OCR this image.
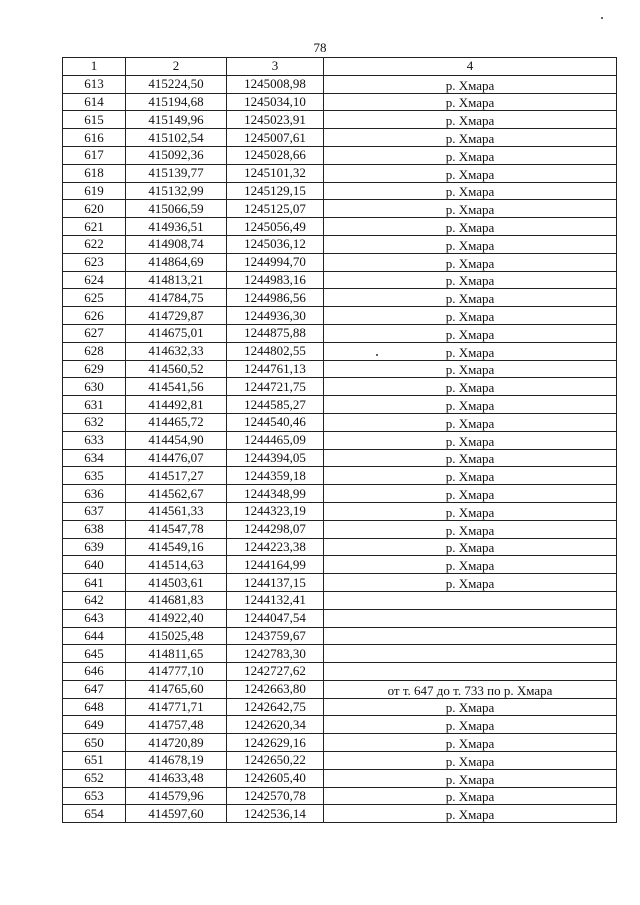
78
1	2	3	4
613	415224,50	1245008,98	р. Хмара
614	415194,68	1245034,10	р. Хмара
615	415149,96	1245023,91	р. Хмара
616	415102,54	1245007,61	р. Хмара
617	415092,36	1245028,66	р. Хмара
618	415139,77	1245101,32	р. Хмара
619	415132,99	1245129,15	р. Хмара
620	415066,59	1245125,07	р. Хмара
621	414936,51	1245056,49	р. Хмара
622	414908,74	1245036,12	р. Хмара
623	414864,69	1244994,70	р. Хмара
624	414813,21	1244983,16	р. Хмара
625	414784,75	1244986,56	р. Хмара
626	414729,87	1244936,30	р. Хмара
627	414675,01	1244875,88	р. Хмара
628	414632,33	1244802,55	р. Хмара
629	414560,52	1244761,13	р. Хмара
630	414541,56	1244721,75	р. Хмара
631	414492,81	1244585,27	р. Хмара
632	414465,72	1244540,46	р. Хмара
633	414454,90	1244465,09	р. Хмара
634	414476,07	1244394,05	р. Хмара
635	414517,27	1244359,18	р. Хмара
636	414562,67	1244348,99	р. Хмара
637	414561,33	1244323,19	р. Хмара
638	414547,78	1244298,07	р. Хмара
639	414549,16	1244223,38	р. Хмара
640	414514,63	1244164,99	р. Хмара
641	414503,61	1244137,15	р. Хмара
642	414681,83	1244132,41	
643	414922,40	1244047,54	
644	415025,48	1243759,67	
645	414811,65	1242783,30	
646	414777,10	1242727,62	
647	414765,60	1242663,80	от т. 647 до т. 733 по р. Хмара
648	414771,71	1242642,75	р. Хмара
649	414757,48	1242620,34	р. Хмара
650	414720,89	1242629,16	р. Хмара
651	414678,19	1242650,22	р. Хмара
652	414633,48	1242605,40	р. Хмара
653	414579,96	1242570,78	р. Хмара
654	414597,60	1242536,14	р. Хмара
